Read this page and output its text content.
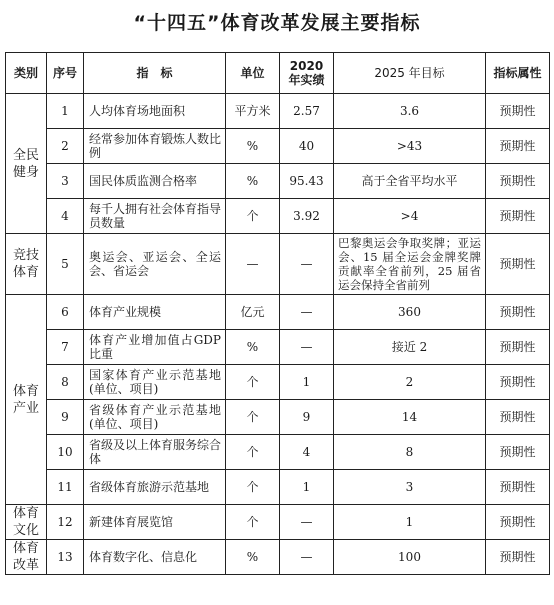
“十四五”体育改革发展主要指标
类别	序号	指　标	单位	2020 年实绩	2025 年目标	指标属性
全民健身	1	人均体育场地面积	平方米	2.57	3.6	预期性
	2	经常参加体育锻炼人数比例	%	40	>43	预期性
	3	国民体质监测合格率	%	95.43	高于全省平均水平	预期性
	4	每千人拥有社会体育指导员数量	个	3.92	>4	预期性
竞技体育	5	奥运会、亚运会、全运会、省运会	—	—	巴黎奥运会争取奖牌；亚运会、15 届全运会金牌奖牌贡献率全省前列，25 届省运会保持全省前列	预期性
体育产业	6	体育产业规模	亿元	—	360	预期性
	7	体育产业增加值占GDP 比重	%	—	接近 2	预期性
	8	国家体育产业示范基地(单位、项目)	个	1	2	预期性
	9	省级体育产业示范基地(单位、项目)	个	9	14	预期性
	10	省级及以上体育服务综合体	个	4	8	预期性
	11	省级体育旅游示范基地	个	1	3	预期性
体育文化	12	新建体育展览馆	个	—	1	预期性
体育改革	13	体育数字化、信息化	%	—	100	预期性
